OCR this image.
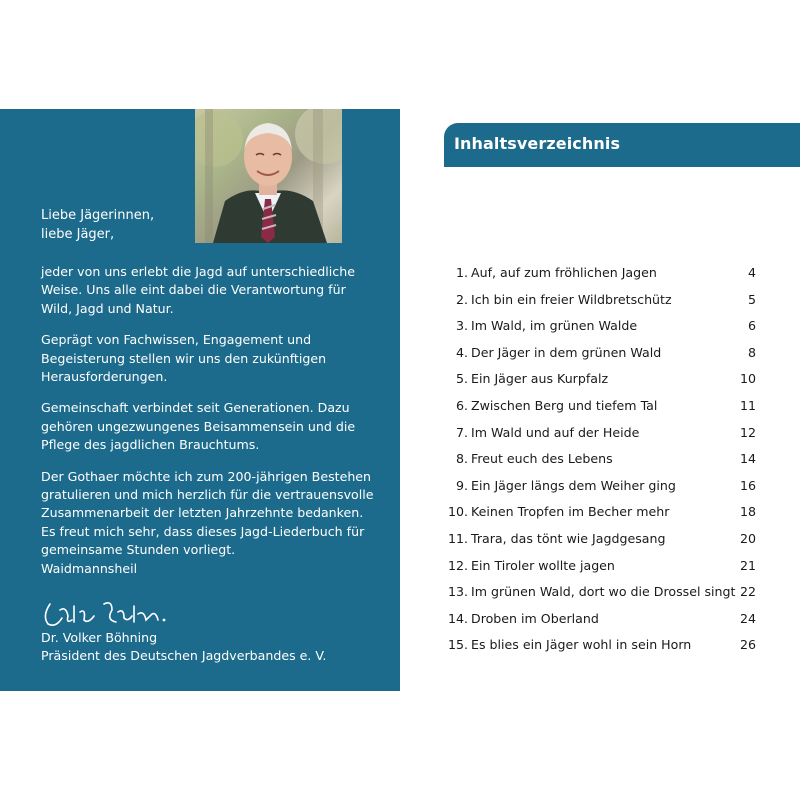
Liebe Jägerinnen,
liebe Jäger,

jeder von uns erlebt die Jagd auf unterschiedliche
Weise. Uns alle eint dabei die Verantwortung für
Wild, Jagd und Natur.

Geprägt von Fachwissen, Engagement und
Begeisterung stellen wir uns den zukünftigen
Herausforderungen.

Gemeinschaft verbindet seit Generationen. Dazu
gehören ungezwungenes Beisammensein und die
Pflege des jagdlichen Brauchtums.

Der Gothaer möchte ich zum 200-jährigen Bestehen
gratulieren und mich herzlich für die vertrauensvolle
Zusammenarbeit der letzten Jahrzehnte bedanken.
Es freut mich sehr, dass dieses Jagd-Liederbuch für
gemeinsame Stunden vorliegt.

Waidmannsheil
Dr. Volker Böhning
Präsident des Deutschen Jagdverbandes e. V.
Inhaltsverzeichnis
1. Auf, auf zum fröhlichen Jagen	4
2. Ich bin ein freier Wildbretschütz	5
3. Im Wald, im grünen Walde	6
4. Der Jäger in dem grünen Wald	8
5. Ein Jäger aus Kurpfalz	10
6. Zwischen Berg und tiefem Tal	11
7. Im Wald und auf der Heide	12
8. Freut euch des Lebens	14
9. Ein Jäger längs dem Weiher ging	16
10. Keinen Tropfen im Becher mehr	18
11. Trara, das tönt wie Jagdgesang	20
12. Ein Tiroler wollte jagen	21
13. Im grünen Wald, dort wo die Drossel singt 22
14. Droben im Oberland	24
15. Es blies ein Jäger wohl in sein Horn	26
